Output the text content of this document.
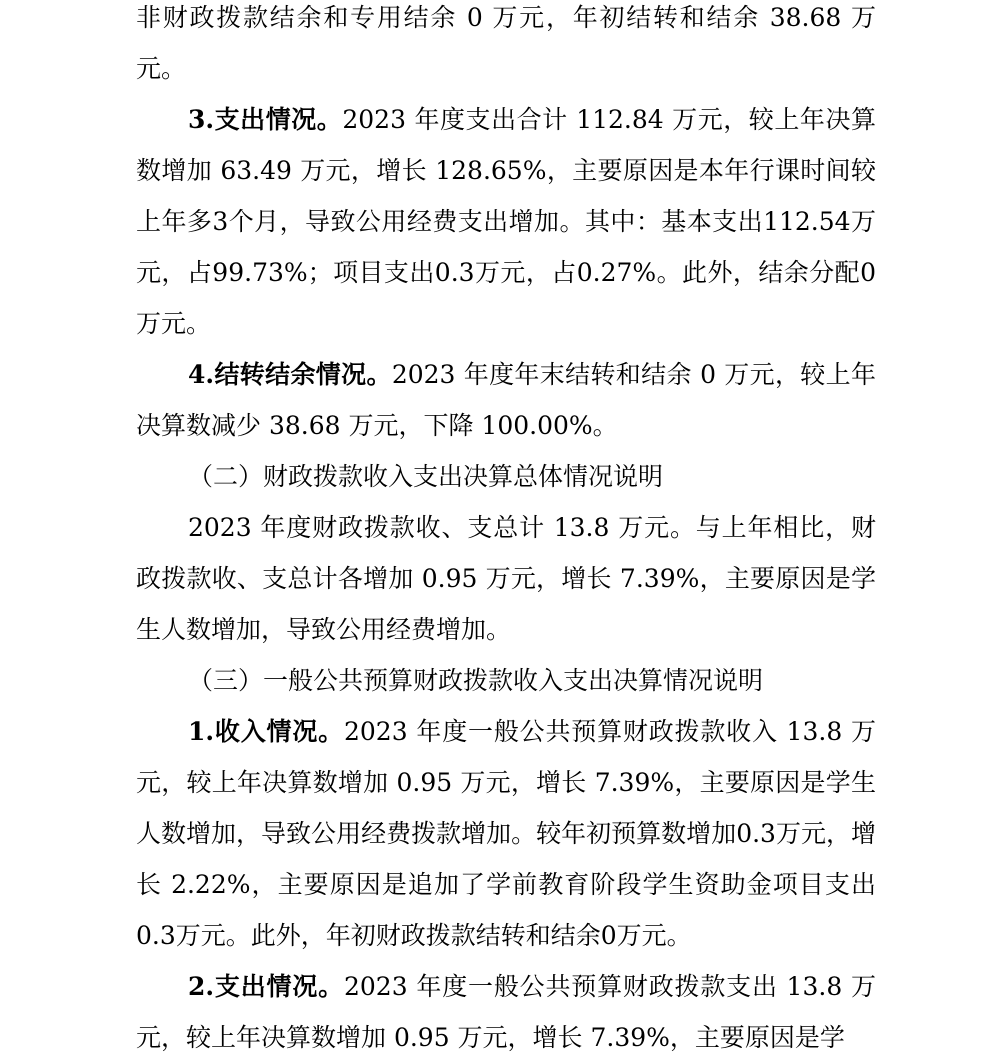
非财政拨款结余和专用结余 0 万元，年初结转和结余 38.68 万元。

3.支出情况。2023 年度支出合计 112.84 万元，较上年决算数增加 63.49 万元，增长 128.65%，主要原因是本年行课时间较上年多3个月，导致公用经费支出增加。其中：基本支出112.54万元，占99.73%；项目支出0.3万元，占0.27%。此外，结余分配0万元。

4.结转结余情况。2023 年度年末结转和结余 0 万元，较上年决算数减少 38.68 万元，下降 100.00%。

（二）财政拨款收入支出决算总体情况说明

2023 年度财政拨款收、支总计 13.8 万元。与上年相比，财政拨款收、支总计各增加 0.95 万元，增长 7.39%，主要原因是学生人数增加，导致公用经费增加。

（三）一般公共预算财政拨款收入支出决算情况说明

1.收入情况。2023 年度一般公共预算财政拨款收入 13.8 万元，较上年决算数增加 0.95 万元，增长 7.39%，主要原因是学生人数增加，导致公用经费拨款增加。较年初预算数增加0.3万元，增长 2.22%，主要原因是追加了学前教育阶段学生资助金项目支出0.3万元。此外，年初财政拨款结转和结余0万元。

2.支出情况。2023 年度一般公共预算财政拨款支出 13.8 万元，较上年决算数增加 0.95 万元，增长 7.39%，主要原因是学
